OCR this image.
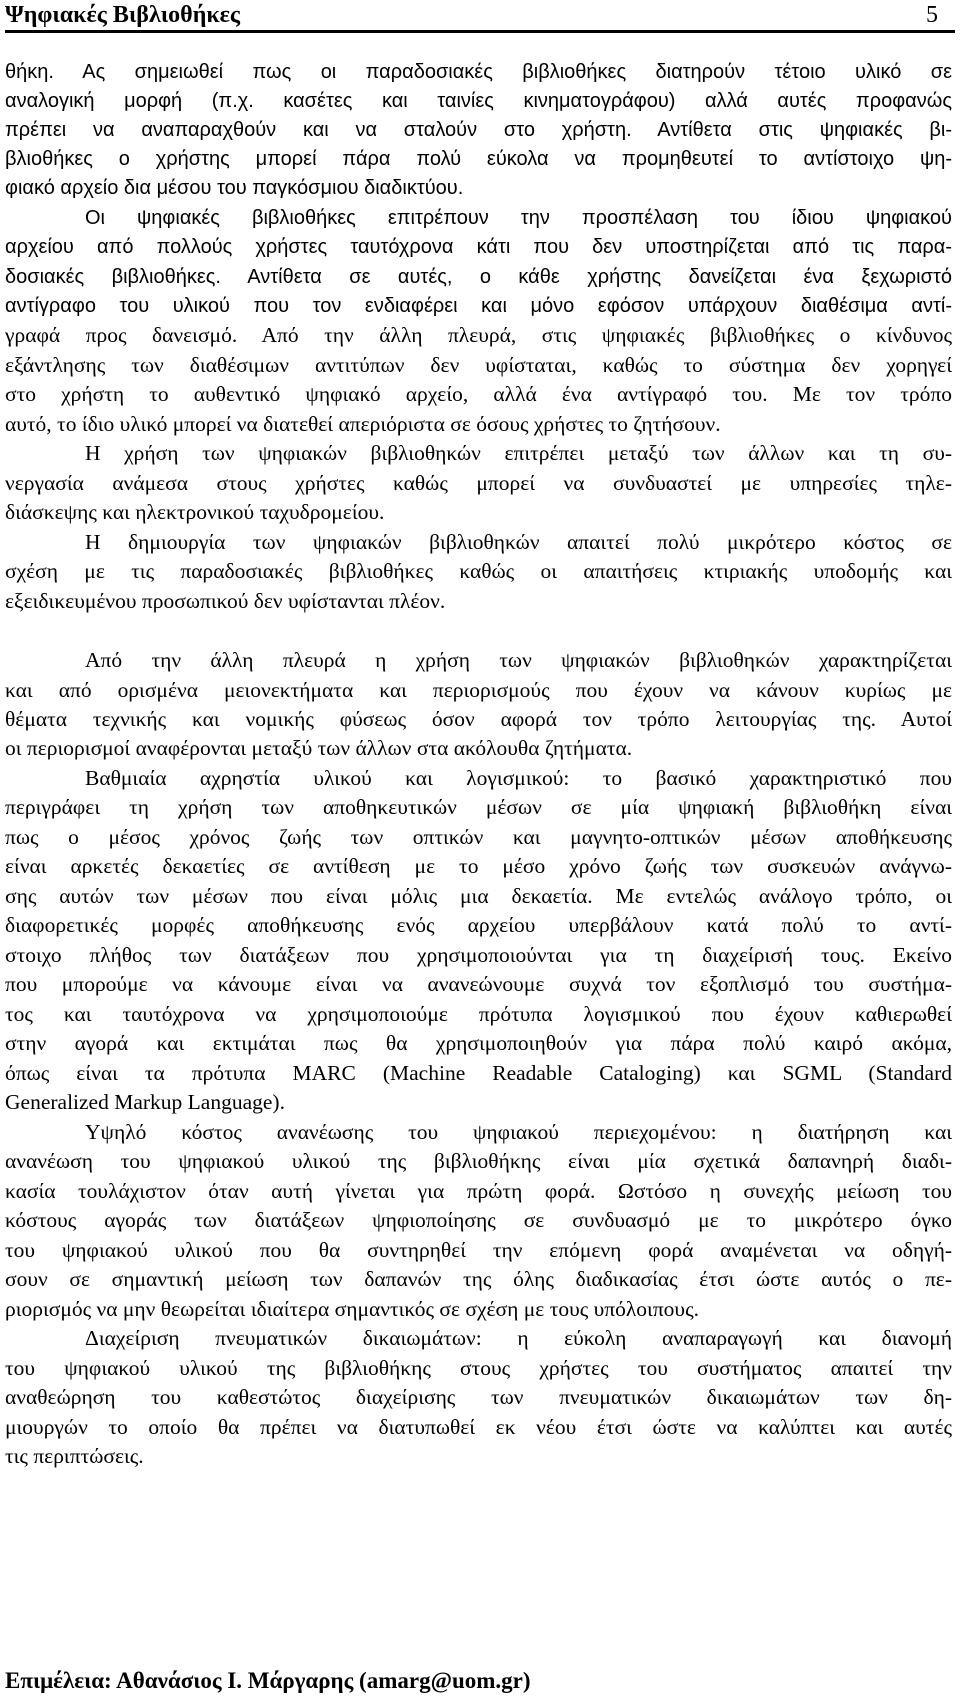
Ψηφιακές Βιβλιοθήκες	5
θήκη. Ας σημειωθεί πως οι παραδοσιακές βιβλιοθήκες διατηρούν τέτοιο υλικό σε
αναλογική μορφή (π.χ. κασέτες και ταινίες κινηματογράφου) αλλά αυτές προφανώς
πρέπει να αναπαραχθούν και να σταλούν στο χρήστη. Αντίθετα στις ψηφιακές βι-
βλιοθήκες ο χρήστης μπορεί πάρα πολύ εύκολα να προμηθευτεί το αντίστοιχο ψη-
φιακό αρχείο δια μέσου του παγκόσμιου διαδικτύου.
Οι ψηφιακές βιβλιοθήκες επιτρέπουν την προσπέλαση του ίδιου ψηφιακού
αρχείου από πολλούς χρήστες ταυτόχρονα κάτι που δεν υποστηρίζεται από τις παρα-
δοσιακές βιβλιοθήκες. Αντίθετα σε αυτές, ο κάθε χρήστης δανείζεται ένα ξεχωριστό
αντίγραφο του υλικού που τον ενδιαφέρει και μόνο εφόσον υπάρχουν διαθέσιμα αντί-
γραφά προς δανεισμό. Από την άλλη πλευρά, στις ψηφιακές βιβλιοθήκες ο κίνδυνος
εξάντλησης των διαθέσιμων αντιτύπων δεν υφίσταται, καθώς το σύστημα δεν χορηγεί
στο χρήστη το αυθεντικό ψηφιακό αρχείο, αλλά ένα αντίγραφό του. Με τον τρόπο
αυτό, το ίδιο υλικό μπορεί να διατεθεί απεριόριστα σε όσους χρήστες το ζητήσουν.
Η χρήση των ψηφιακών βιβλιοθηκών επιτρέπει μεταξύ των άλλων και τη συ-
νεργασία ανάμεσα στους χρήστες καθώς μπορεί να συνδυαστεί με υπηρεσίες τηλε-
διάσκεψης και ηλεκτρονικού ταχυδρομείου.
Η δημιουργία των ψηφιακών βιβλιοθηκών απαιτεί πολύ μικρότερο κόστος σε
σχέση με τις παραδοσιακές βιβλιοθήκες καθώς οι απαιτήσεις κτιριακής υποδομής και
εξειδικευμένου προσωπικού δεν υφίστανται πλέον.
Από την άλλη πλευρά η χρήση των ψηφιακών βιβλιοθηκών χαρακτηρίζεται
και από ορισμένα μειονεκτήματα και περιορισμούς που έχουν να κάνουν κυρίως με
θέματα τεχνικής και νομικής φύσεως όσον αφορά τον τρόπο λειτουργίας της. Αυτοί
οι περιορισμοί αναφέρονται μεταξύ των άλλων στα ακόλουθα ζητήματα.
Βαθμιαία αχρηστία υλικού και λογισμικού: το βασικό χαρακτηριστικό που
περιγράφει τη χρήση των αποθηκευτικών μέσων σε μία ψηφιακή βιβλιοθήκη είναι
πως ο μέσος χρόνος ζωής των οπτικών και μαγνητο-οπτικών μέσων αποθήκευσης
είναι αρκετές δεκαετίες σε αντίθεση με το μέσο χρόνο ζωής των συσκευών ανάγνω-
σης αυτών των μέσων που είναι μόλις μια δεκαετία. Με εντελώς ανάλογο τρόπο, οι
διαφορετικές μορφές αποθήκευσης ενός αρχείου υπερβάλουν κατά πολύ το αντί-
στοιχο πλήθος των διατάξεων που χρησιμοποιούνται για τη διαχείρισή τους. Εκείνο
που μπορούμε να κάνουμε είναι να ανανεώνουμε συχνά τον εξοπλισμό του συστήμα-
τος και ταυτόχρονα να χρησιμοποιούμε πρότυπα λογισμικού που έχουν καθιερωθεί
στην αγορά και εκτιμάται πως θα χρησιμοποιηθούν για πάρα πολύ καιρό ακόμα,
όπως είναι τα πρότυπα MARC (Machine Readable Cataloging) και SGML (Standard
Generalized Markup Language).
Υψηλό κόστος ανανέωσης του ψηφιακού περιεχομένου: η διατήρηση και
ανανέωση του ψηφιακού υλικού της βιβλιοθήκης είναι μία σχετικά δαπανηρή διαδι-
κασία τουλάχιστον όταν αυτή γίνεται για πρώτη φορά. Ωστόσο η συνεχής μείωση του
κόστους αγοράς των διατάξεων ψηφιοποίησης σε συνδυασμό με το μικρότερο όγκο
του ψηφιακού υλικού που θα συντηρηθεί την επόμενη φορά αναμένεται να οδηγή-
σουν σε σημαντική μείωση των δαπανών της όλης διαδικασίας έτσι ώστε αυτός ο πε-
ριορισμός να μην θεωρείται ιδιαίτερα σημαντικός σε σχέση με τους υπόλοιπους.
Διαχείριση πνευματικών δικαιωμάτων: η εύκολη αναπαραγωγή και διανομή
του ψηφιακού υλικού της βιβλιοθήκης στους χρήστες του συστήματος απαιτεί την
αναθεώρηση του καθεστώτος διαχείρισης των πνευματικών δικαιωμάτων των δη-
μιουργών το οποίο θα πρέπει να διατυπωθεί εκ νέου έτσι ώστε να καλύπτει και αυτές
τις περιπτώσεις.
Επιμέλεια: Αθανάσιος Ι. Μάργαρης (amarg@uom.gr)
